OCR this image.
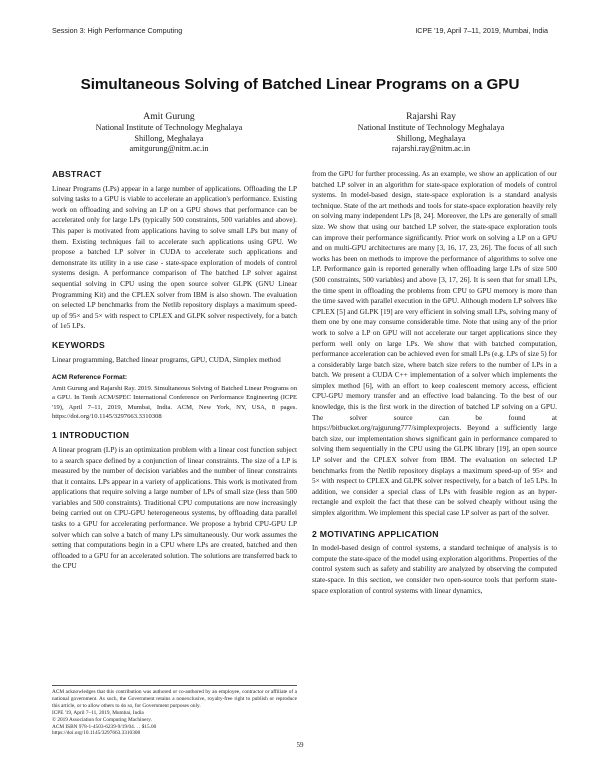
Session 3: High Performance Computing	ICPE '19, April 7–11, 2019, Mumbai, India
Simultaneous Solving of Batched Linear Programs on a GPU
Amit Gurung
National Institute of Technology Meghalaya
Shillong, Meghalaya
amitgurung@nitm.ac.in
Rajarshi Ray
National Institute of Technology Meghalaya
Shillong, Meghalaya
rajarshi.ray@nitm.ac.in
ABSTRACT

Linear Programs (LPs) appear in a large number of applications. Offloading the LP solving tasks to a GPU is viable to accelerate an application's performance. Existing work on offloading and solving an LP on a GPU shows that performance can be accelerated only for large LPs (typically 500 constraints, 500 variables and above). This paper is motivated from applications having to solve small LPs but many of them. Existing techniques fail to accelerate such applications using GPU. We propose a batched LP solver in CUDA to accelerate such applications and demonstrate its utility in a use case - state-space exploration of models of control systems design. A performance comparison of The batched LP solver against sequential solving in CPU using the open source solver GLPK (GNU Linear Programming Kit) and the CPLEX solver from IBM is also shown. The evaluation on selected LP benchmarks from the Netlib repository displays a maximum speed-up of 95× and 5× with respect to CPLEX and GLPK solver respectively, for a batch of 1e5 LPs.

KEYWORDS

Linear programming, Batched linear programs, GPU, CUDA, Simplex method

ACM Reference Format:

Amit Gurung and Rajarshi Ray. 2019. Simultaneous Solving of Batched Linear Programs on a GPU. In Tenth ACM/SPEC International Conference on Performance Engineering (ICPE '19), April 7–11, 2019, Mumbai, India. ACM, New York, NY, USA, 8 pages. https://doi.org/10.1145/3297663.3310308

1 INTRODUCTION

A linear program (LP) is an optimization problem with a linear cost function subject to a search space defined by a conjunction of linear constraints. The size of a LP is measured by the number of decision variables and the number of linear constraints that it contains. LPs appear in a variety of applications. This work is motivated from applications that require solving a large number of LPs of small size (less than 500 variables and 500 constraints). Traditional CPU computations are now increasingly being carried out on CPU-GPU heterogeneous systems, by offloading data parallel tasks to a GPU for accelerating performance. We propose a hybrid CPU-GPU LP solver which can solve a batch of many LPs simultaneously. Our work assumes the setting that computations begin in a CPU where LPs are created, batched and then offloaded to a GPU for an accelerated solution. The solutions are transferred back to the CPU

from the GPU for further processing. As an example, we show an application of our batched LP solver in an algorithm for state-space exploration of models of control systems. In model-based design, state-space exploration is a standard analysis technique. State of the art methods and tools for state-space exploration heavily rely on solving many independent LPs [8, 24]. Moreover, the LPs are generally of small size. We show that using our batched LP solver, the state-space exploration tools can improve their performance significantly. Prior work on solving a LP on a GPU and on multi-GPU architectures are many [3, 16, 17, 23, 26]. The focus of all such works has been on methods to improve the performance of algorithms to solve one LP. Performance gain is reported generally when offloading large LPs of size 500 (500 constraints, 500 variables) and above [3, 17, 26]. It is seen that for small LPs, the time spent in offloading the problems from CPU to GPU memory is more than the time saved with parallel execution in the GPU. Although modern LP solvers like CPLEX [5] and GLPK [19] are very efficient in solving small LPs, solving many of them one by one may consume considerable time. Note that using any of the prior work to solve a LP on GPU will not accelerate our target applications since they perform well only on large LPs. We show that with batched computation, performance acceleration can be achieved even for small LPs (e.g. LPs of size 5) for a considerably large batch size, where batch size refers to the number of LPs in a batch. We present a CUDA C++ implementation of a solver which implements the simplex method [6], with an effort to keep coalescent memory access, efficient CPU-GPU memory transfer and an effective load balancing. To the best of our knowledge, this is the first work in the direction of batched LP solving on a GPU. The solver source can be found at https://bitbucket.org/rajgurung777/simplexprojects. Beyond a sufficiently large batch size, our implementation shows significant gain in performance compared to solving them sequentially in the CPU using the GLPK library [19], an open source LP solver and the CPLEX solver from IBM. The evaluation on selected LP benchmarks from the Netlib repository displays a maximum speed-up of 95× and 5× with respect to CPLEX and GLPK solver respectively, for a batch of 1e5 LPs. In addition, we consider a special class of LPs with feasible region as an hyper-rectangle and exploit the fact that these can be solved cheaply without using the simplex algorithm. We implement this special case LP solver as part of the solver.

2 MOTIVATING APPLICATION

In model-based design of control systems, a standard technique of analysis is to compute the state-space of the model using exploration algorithms. Properties of the control system such as safety and stability are analyzed by observing the computed state-space. In this section, we consider two open-source tools that perform state-space exploration of control systems with linear dynamics,

ACM acknowledges that this contribution was authored or co-authored by an employee, contractor or affiliate of a national government. As such, the Government retains a nonexclusive, royalty-free right to publish or reproduce this article, or to allow others to do so, for Government purposes only.

ICPE '19, April 7–11, 2019, Mumbai, India

© 2019 Association for Computing Machinery.

ACM ISBN 978-1-4503-6239-9/19/04. . . $15.00

https://doi.org/10.1145/3297663.3310308

59
